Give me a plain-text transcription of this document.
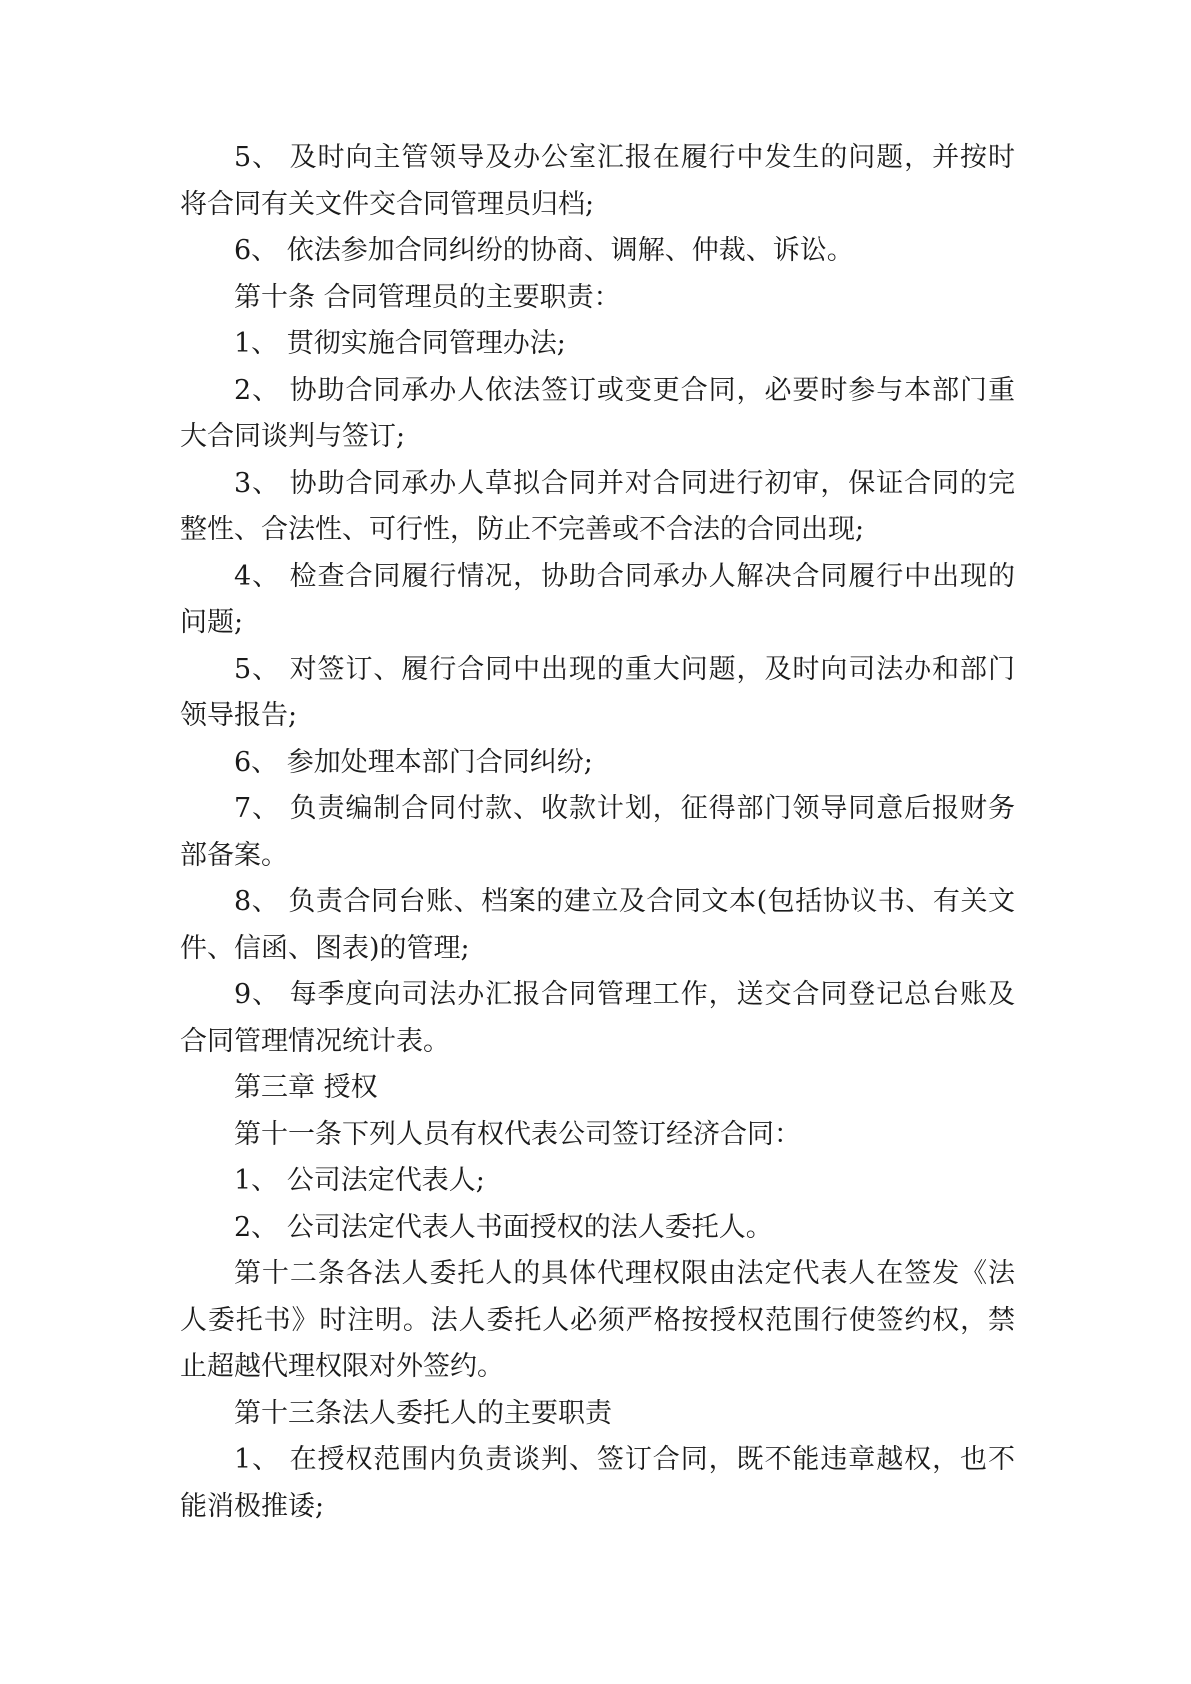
5、 及时向主管领导及办公室汇报在履行中发生的问题，并按时将合同有关文件交合同管理员归档;

6、 依法参加合同纠纷的协商、调解、仲裁、诉讼。

第十条 合同管理员的主要职责：

1、 贯彻实施合同管理办法;

2、 协助合同承办人依法签订或变更合同，必要时参与本部门重大合同谈判与签订;

3、 协助合同承办人草拟合同并对合同进行初审，保证合同的完整性、合法性、可行性，防止不完善或不合法的合同出现;

4、 检查合同履行情况，协助合同承办人解决合同履行中出现的问题;

5、 对签订、履行合同中出现的重大问题，及时向司法办和部门领导报告;

6、 参加处理本部门合同纠纷;

7、 负责编制合同付款、收款计划，征得部门领导同意后报财务部备案。

8、 负责合同台账、档案的建立及合同文本(包括协议书、有关文件、信函、图表)的管理;

9、 每季度向司法办汇报合同管理工作，送交合同登记总台账及合同管理情况统计表。

第三章 授权

第十一条下列人员有权代表公司签订经济合同：

1、 公司法定代表人;

2、 公司法定代表人书面授权的法人委托人。

第十二条各法人委托人的具体代理权限由法定代表人在签发《法人委托书》时注明。法人委托人必须严格按授权范围行使签约权，禁止超越代理权限对外签约。

第十三条法人委托人的主要职责

1、 在授权范围内负责谈判、签订合同，既不能违章越权，也不能消极推诿;
